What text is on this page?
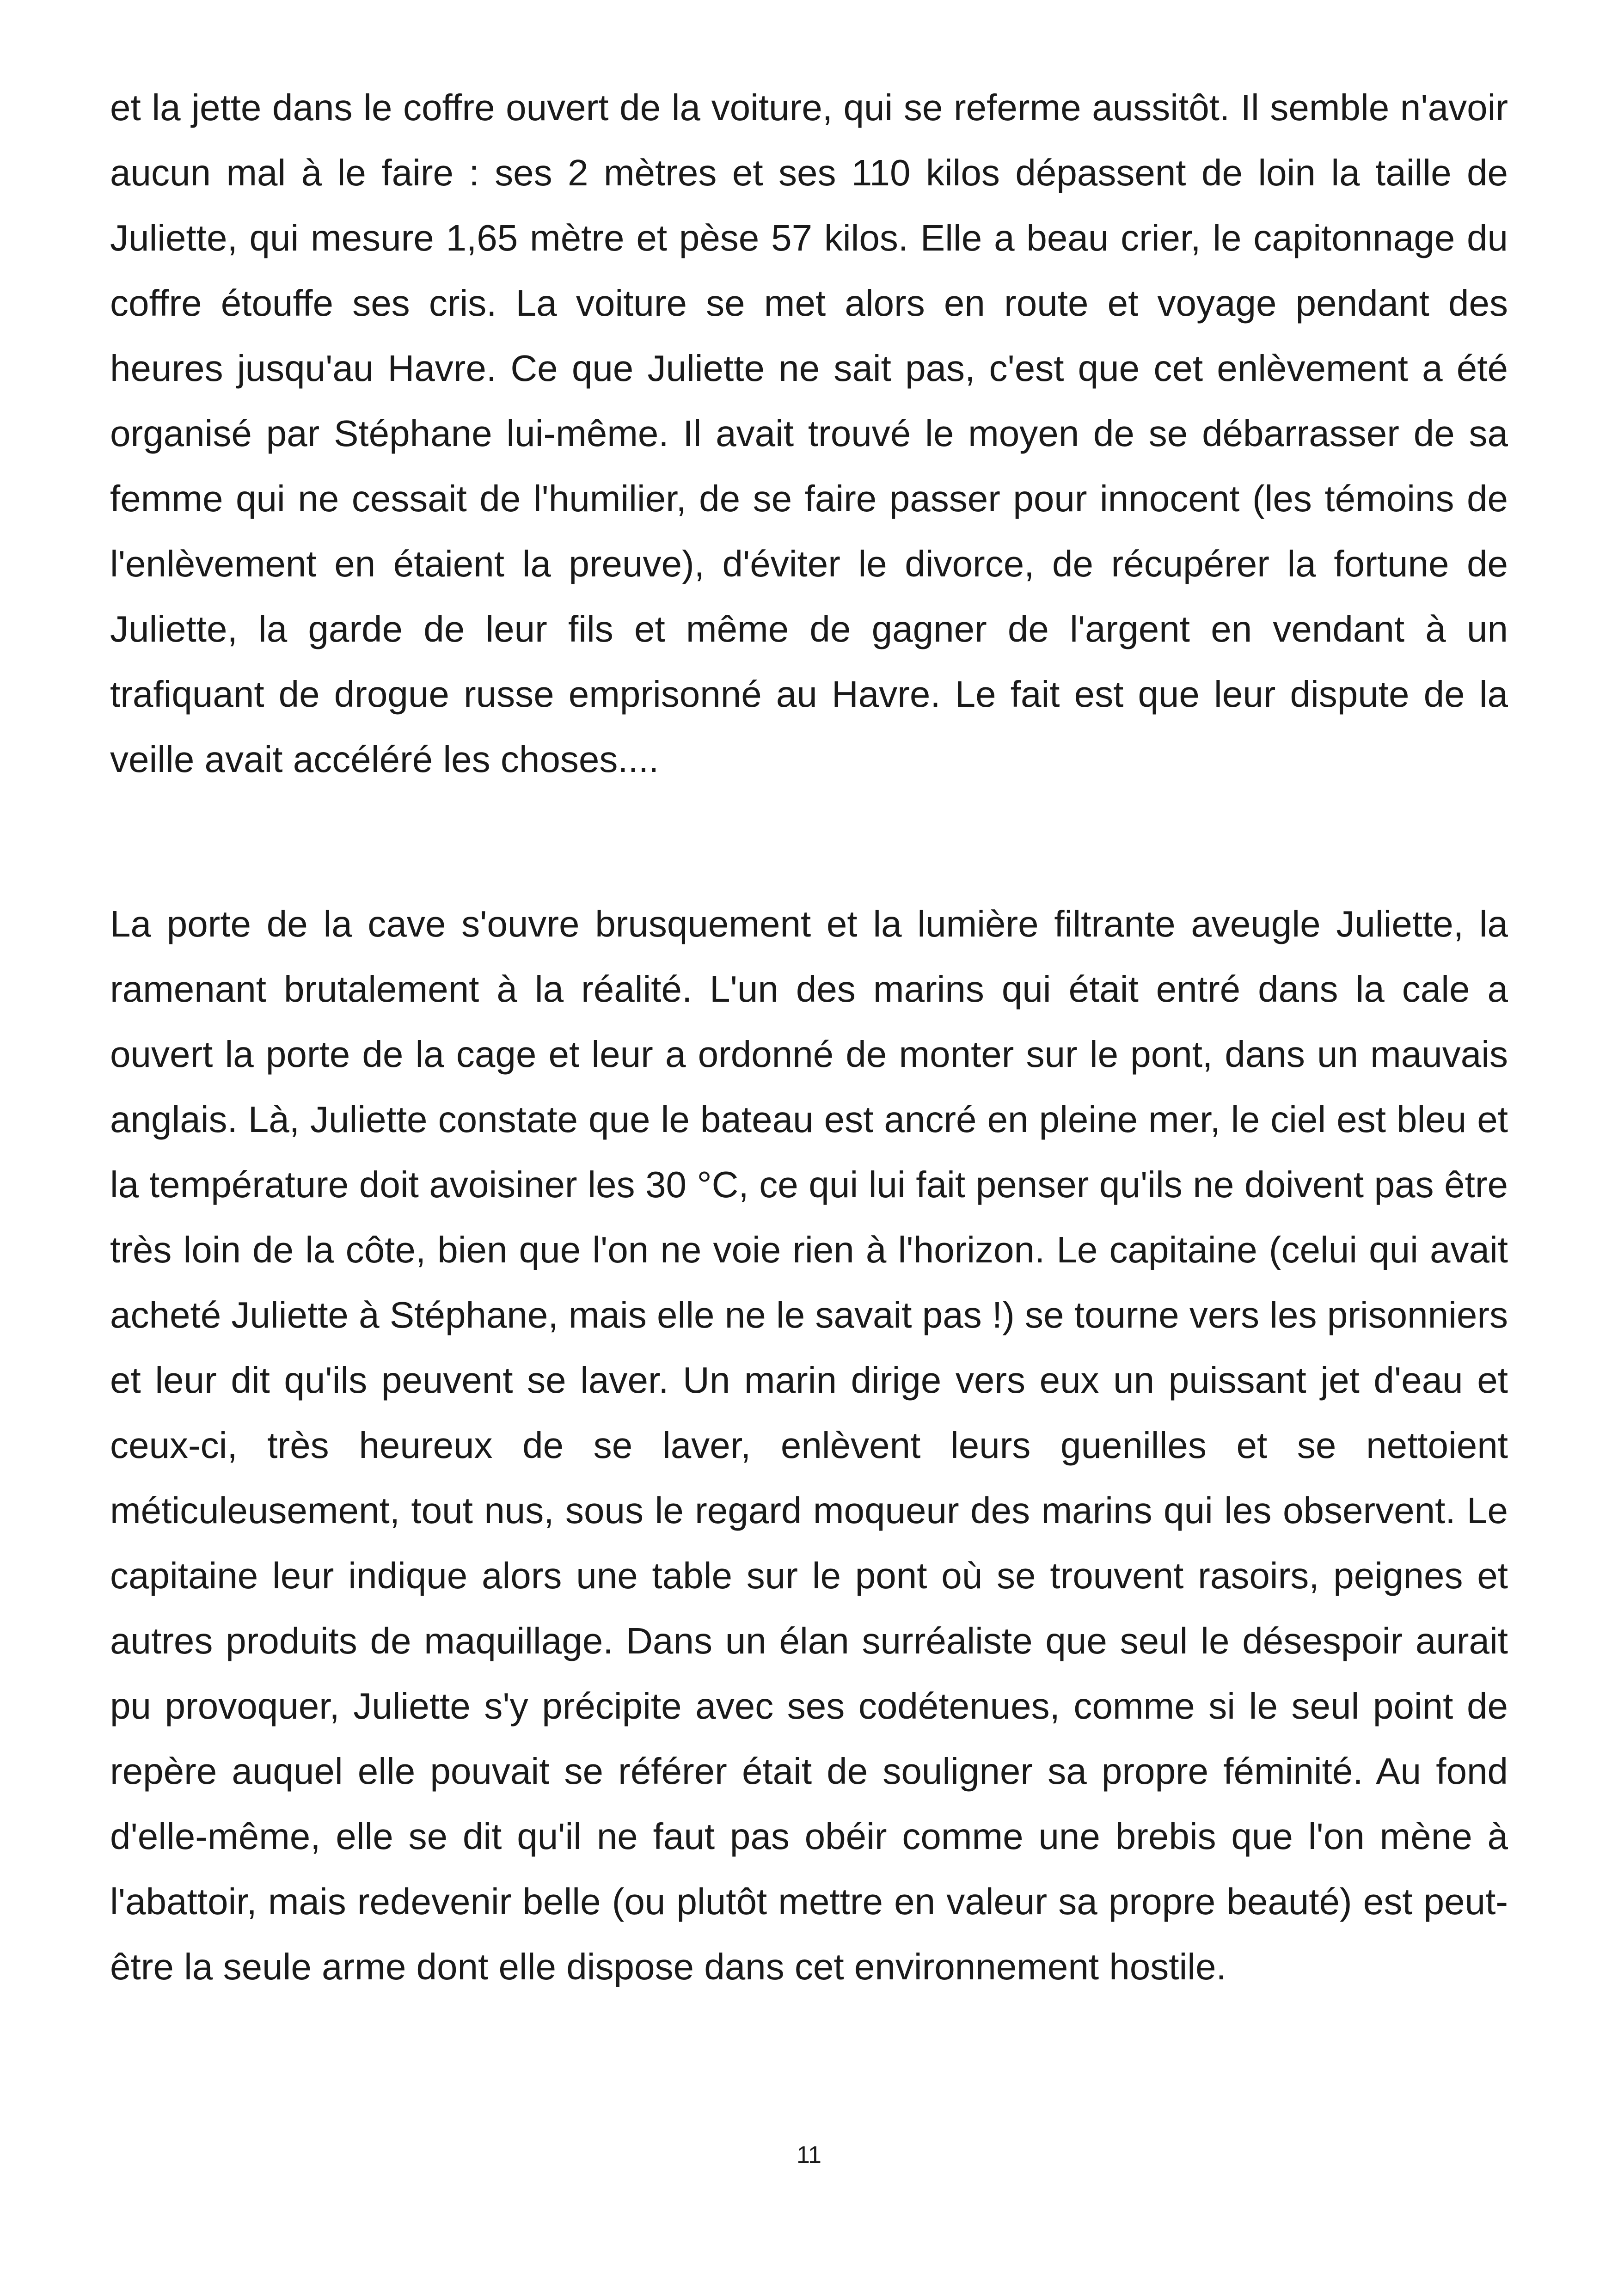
et la jette dans le coffre ouvert de la voiture, qui se referme aussitôt. Il semble n'avoir aucun mal à le faire : ses 2 mètres et ses 110 kilos dépassent de loin la taille de Juliette, qui mesure 1,65 mètre et pèse 57 kilos. Elle a beau crier, le capitonnage du coffre étouffe ses cris. La voiture se met alors en route et voyage pendant des heures jusqu'au Havre. Ce que Juliette ne sait pas, c'est que cet enlèvement a été organisé par Stéphane lui-même. Il avait trouvé le moyen de se débarrasser de sa femme qui ne cessait de l'humilier, de se faire passer pour innocent (les témoins de l'enlèvement en étaient la preuve), d'éviter le divorce, de récupérer la fortune de Juliette, la garde de leur fils et même de gagner de l'argent en vendant à un trafiquant de drogue russe emprisonné au Havre. Le fait est que leur dispute de la veille avait accéléré les choses....

La porte de la cave s'ouvre brusquement et la lumière filtrante aveugle Juliette, la ramenant brutalement à la réalité. L'un des marins qui était entré dans la cale a ouvert la porte de la cage et leur a ordonné de monter sur le pont, dans un mauvais anglais. Là, Juliette constate que le bateau est ancré en pleine mer, le ciel est bleu et la température doit avoisiner les 30 °C, ce qui lui fait penser qu'ils ne doivent pas être très loin de la côte, bien que l'on ne voie rien à l'horizon. Le capitaine (celui qui avait acheté Juliette à Stéphane, mais elle ne le savait pas !) se tourne vers les prisonniers et leur dit qu'ils peuvent se laver. Un marin dirige vers eux un puissant jet d'eau et ceux-ci, très heureux de se laver, enlèvent leurs guenilles et se nettoient méticuleusement, tout nus, sous le regard moqueur des marins qui les observent. Le capitaine leur indique alors une table sur le pont où se trouvent rasoirs, peignes et autres produits de maquillage. Dans un élan surréaliste que seul le désespoir aurait pu provoquer, Juliette s'y précipite avec ses codétenues, comme si le seul point de repère auquel elle pouvait se référer était de souligner sa propre féminité. Au fond d'elle-même, elle se dit qu'il ne faut pas obéir comme une brebis que l'on mène à l'abattoir, mais redevenir belle (ou plutôt mettre en valeur sa propre beauté) est peut-être la seule arme dont elle dispose dans cet environnement hostile.

11
